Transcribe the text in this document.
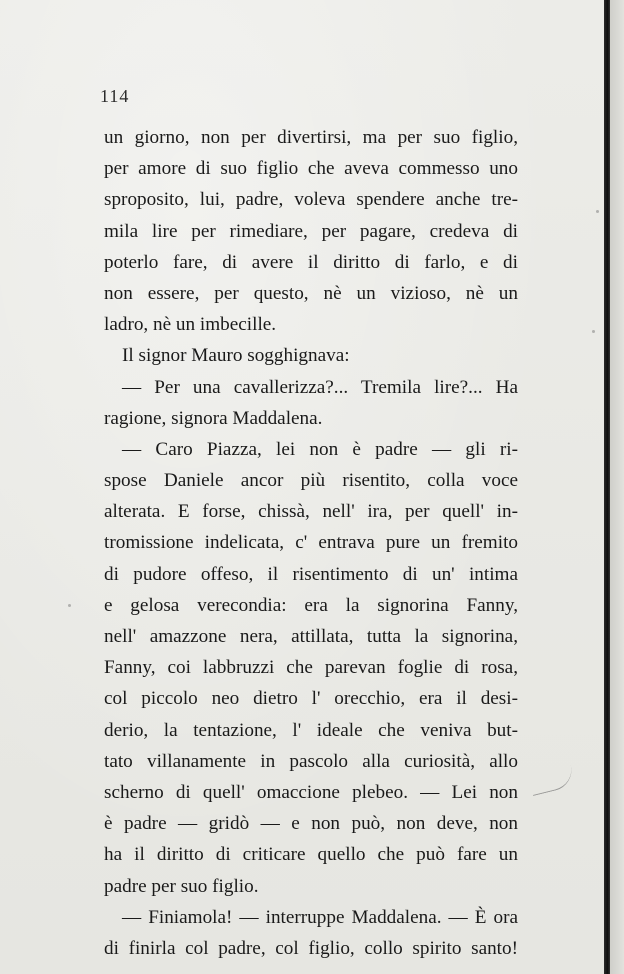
114
un giorno, non per divertirsi, ma per suo figlio,
per amore di suo figlio che aveva commesso uno
sproposito, lui, padre, voleva spendere anche tre-
mila lire per rimediare, per pagare, credeva di
poterlo fare, di avere il diritto di farlo, e di
non essere, per questo, nè un vizioso, nè un
ladro, nè un imbecille.
Il signor Mauro sogghignava:
— Per una cavallerizza?... Tremila lire?... Ha
ragione, signora Maddalena.
— Caro Piazza, lei non è padre — gli ri-
spose Daniele ancor più risentito, colla voce
alterata. E forse, chissà, nell' ira, per quell' in-
tromissione indelicata, c' entrava pure un fremito
di pudore offeso, il risentimento di un' intima
e gelosa verecondia: era la signorina Fanny,
nell' amazzone nera, attillata, tutta la signorina,
Fanny, coi labbruzzi che parevan foglie di rosa,
col piccolo neo dietro l' orecchio, era il desi-
derio, la tentazione, l' ideale che veniva but-
tato villanamente in pascolo alla curiosità, allo
scherno di quell' omaccione plebeo. — Lei non
è padre — gridò — e non può, non deve, non
ha il diritto di criticare quello che può fare un
padre per suo figlio.
— Finiamola! — interruppe Maddalena. — È ora
di finirla col padre, col figlio, collo spirito santo!
